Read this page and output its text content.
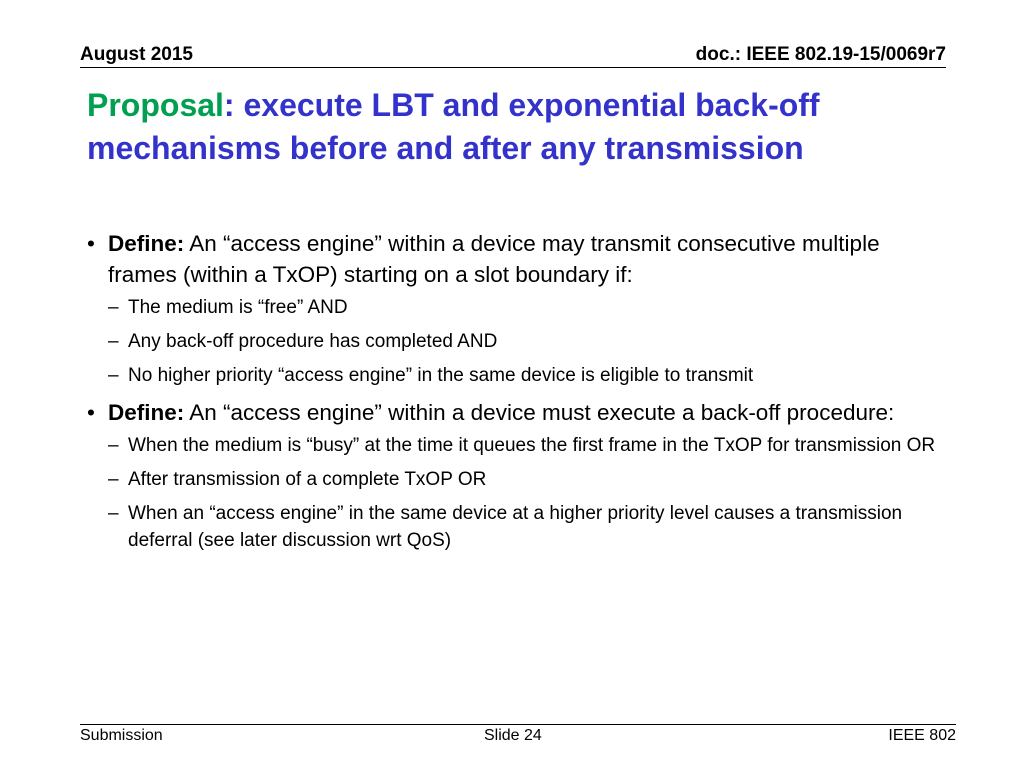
August 2015	doc.: IEEE 802.19-15/0069r7
Proposal: execute LBT and exponential back-off mechanisms before and after any transmission
• Define: An “access engine” within a device may transmit consecutive multiple frames (within a TxOP) starting on a slot boundary if:
– The medium is “free” AND
– Any back-off procedure has completed AND
– No higher priority “access engine” in the same device is eligible to transmit
• Define: An “access engine” within a device must execute a back-off procedure:
– When the medium is “busy” at the time it queues the first frame in the TxOP for transmission OR
– After transmission of a complete TxOP OR
– When an “access engine” in the same device at a higher priority level causes a transmission deferral (see later discussion wrt QoS)
Submission	Slide 24	IEEE 802
